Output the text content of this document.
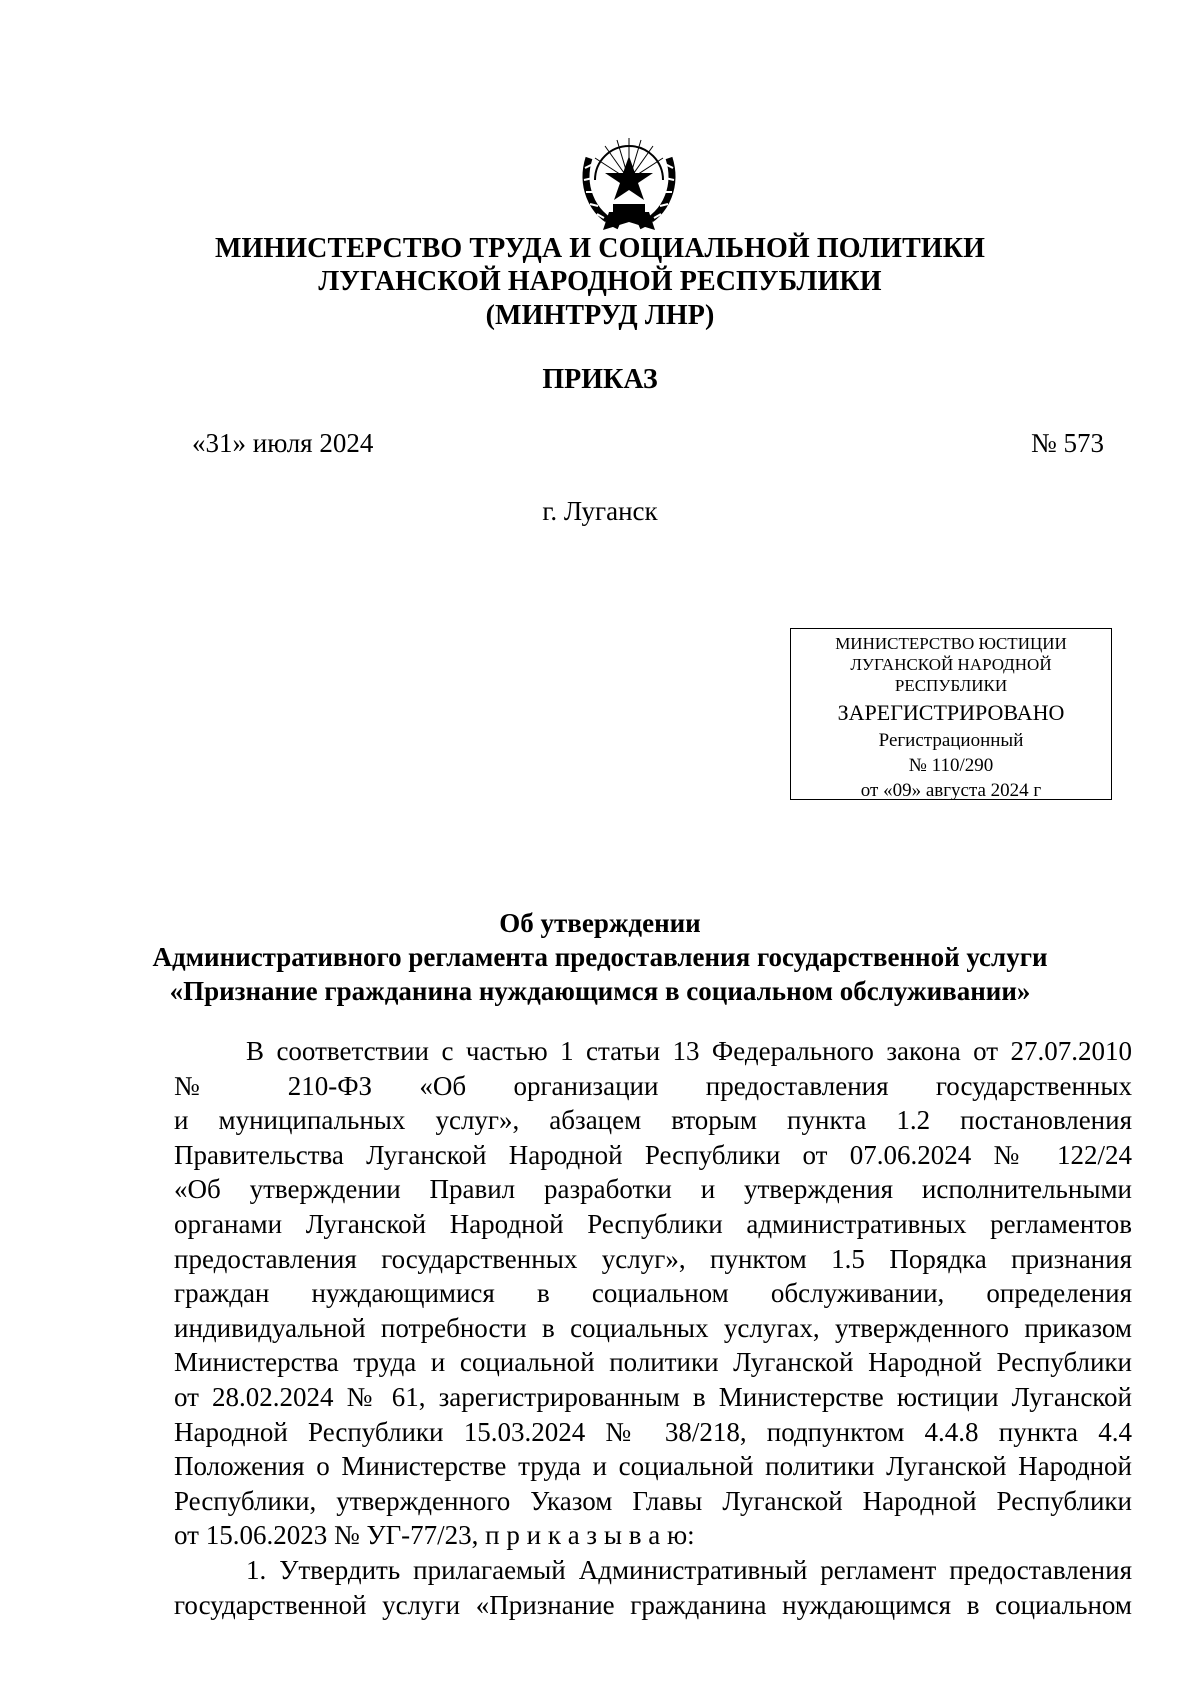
МИНИСТЕРСТВО ТРУДА И СОЦИАЛЬНОЙ ПОЛИТИКИ
ЛУГАНСКОЙ НАРОДНОЙ РЕСПУБЛИКИ
(МИНТРУД ЛНР)
ПРИКАЗ
«31» июля 2024	№ 573
г. Луганск
МИНИСТЕРСТВО ЮСТИЦИИ
ЛУГАНСКОЙ НАРОДНОЙ
РЕСПУБЛИКИ
ЗАРЕГИСТРИРОВАНО
Регистрационный
№ 110/290
от «09» августа 2024 г
Об утверждении
Административного регламента предоставления государственной услуги
«Признание гражданина нуждающимся в социальном обслуживании»
В соответствии с частью 1 статьи 13 Федерального закона от 27.07.2010
№ 210-ФЗ «Об организации предоставления государственных
и муниципальных услуг», абзацем вторым пункта 1.2 постановления
Правительства Луганской Народной Республики от 07.06.2024 № 122/24
«Об утверждении Правил разработки и утверждения исполнительными
органами Луганской Народной Республики административных регламентов
предоставления государственных услуг», пунктом 1.5 Порядка признания
граждан нуждающимися в социальном обслуживании, определения
индивидуальной потребности в социальных услугах, утвержденного приказом
Министерства труда и социальной политики Луганской Народной Республики
от 28.02.2024 № 61, зарегистрированным в Министерстве юстиции Луганской
Народной Республики 15.03.2024 № 38/218, подпунктом 4.4.8 пункта 4.4
Положения о Министерстве труда и социальной политики Луганской Народной
Республики, утвержденного Указом Главы Луганской Народной Республики
от 15.06.2023 № УГ-77/23, п р и к а з ы в а ю:
1. Утвердить прилагаемый Административный регламент предоставления
государственной услуги «Признание гражданина нуждающимся в социальном
